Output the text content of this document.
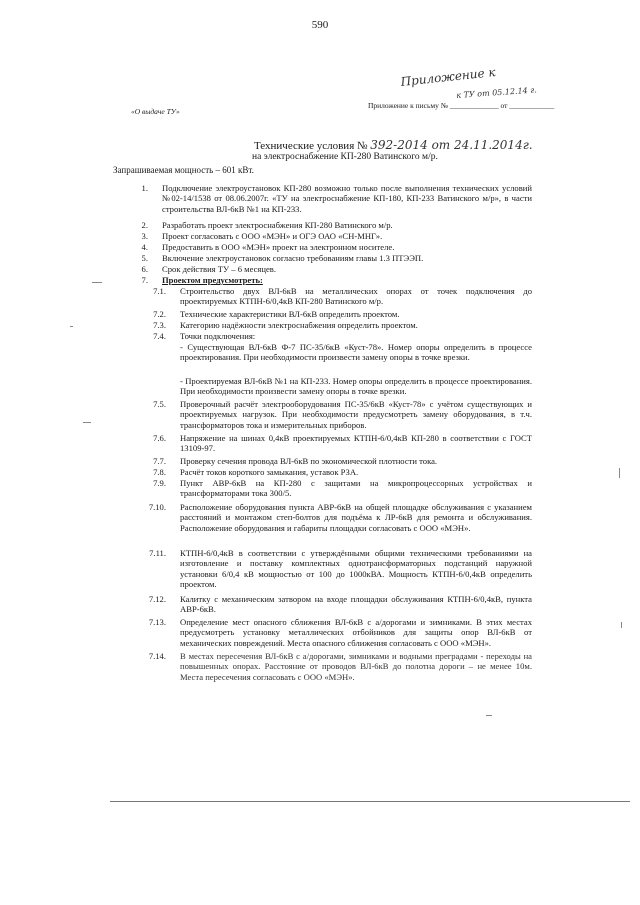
590
Приложение к
к ТУ от 05.12.14 г.
«О выдаче ТУ»
Приложение к письму № _____________ от ____________
Технические условия № 392-2014 от 24.11.2014г.
на электроснабжение КП-280 Ватинского м/р.
Запрашиваемая мощность – 601 кВт.
1. Подключение электроустановок КП-280 возможно только после выполнения технических условий №02-14/1538 от 08.06.2007г. «ТУ на электроснабжение КП-180, КП-233 Ватинского м/р», в части строительства ВЛ-6кВ №1 на КП-233.
2. Разработать проект электроснабжения КП-280 Ватинского м/р.
3. Проект согласовать с ООО «МЭН» и ОГЭ ОАО «СН-МНГ».
4. Предоставить в ООО «МЭН» проект на электронном носителе.
5. Включение электроустановок согласно требованиям главы 1.3 ПТЭЭП.
6. Срок действия ТУ – 6 месяцев.
7. Проектом предусмотреть:
7.1. Строительство двух ВЛ-6кВ на металлических опорах от точек подключения до проектируемых КТПН-6/0,4кВ КП-280 Ватинского м/р.
7.2. Технические характеристики ВЛ-6кВ определить проектом.
7.3. Категорию надёжности электроснабжения определить проектом.
7.4. Точки подключения:
- Существующая ВЛ-6кВ Ф-7 ПС-35/6кВ «Куст-78». Номер опоры определить в процессе проектирования. При необходимости произвести замену опоры в точке врезки.
- Проектируемая ВЛ-6кВ №1 на КП-233. Номер опоры определить в процессе проектирования. При необходимости произвести замену опоры в точке врезки.
7.5. Проверочный расчёт электрооборудования ПС-35/6кВ «Куст-78» с учётом существующих и проектируемых нагрузок. При необходимости предусмотреть замену оборудования, в т.ч. трансформаторов тока и измерительных приборов.
7.6. Напряжение на шинах 0,4кВ проектируемых КТПН-6/0,4кВ КП-280 в соответствии с ГОСТ 13109-97.
7.7. Проверку сечения провода ВЛ-6кВ по экономической плотности тока.
7.8. Расчёт токов короткого замыкания, уставок РЗА.
7.9. Пункт АВР-6кВ на КП-280 с защитами на микропроцессорных устройствах и трансформаторами тока 300/5.
7.10. Расположение оборудования пункта АВР-6кВ на общей площадке обслуживания с указанием расстояний и монтажом степ-болтов для подъёма к ЛР-6кВ для ремонта и обслуживания. Расположение оборудования и габариты площадки согласовать с ООО «МЭН».
7.11. КТПН-6/0,4кВ в соответствии с утверждёнными общими техническими требованиями на изготовление и поставку комплектных однотрансформаторных подстанций наружной установки 6/0,4 кВ мощностью от 100 до 1000кВА. Мощность КТПН-6/0,4кВ определить проектом.
7.12. Калитку с механическим затвором на входе площадки обслуживания КТПН-6/0,4кВ, пункта АВР-6кВ.
7.13. Определение мест опасного сближения ВЛ-6кВ с а/дорогами и зимниками. В этих местах предусмотреть установку металлических отбойников для защиты опор ВЛ-6кВ от механических повреждений. Места опасного сближения согласовать с ООО «МЭН».
7.14. В местах пересечения ВЛ-6кВ с а/дорогами, зимниками и водными преградами - переходы на повышенных опорах. Расстояние от проводов ВЛ-6кВ до полотна дороги – не менее 10м. Места пересечения согласовать с ООО «МЭН».
